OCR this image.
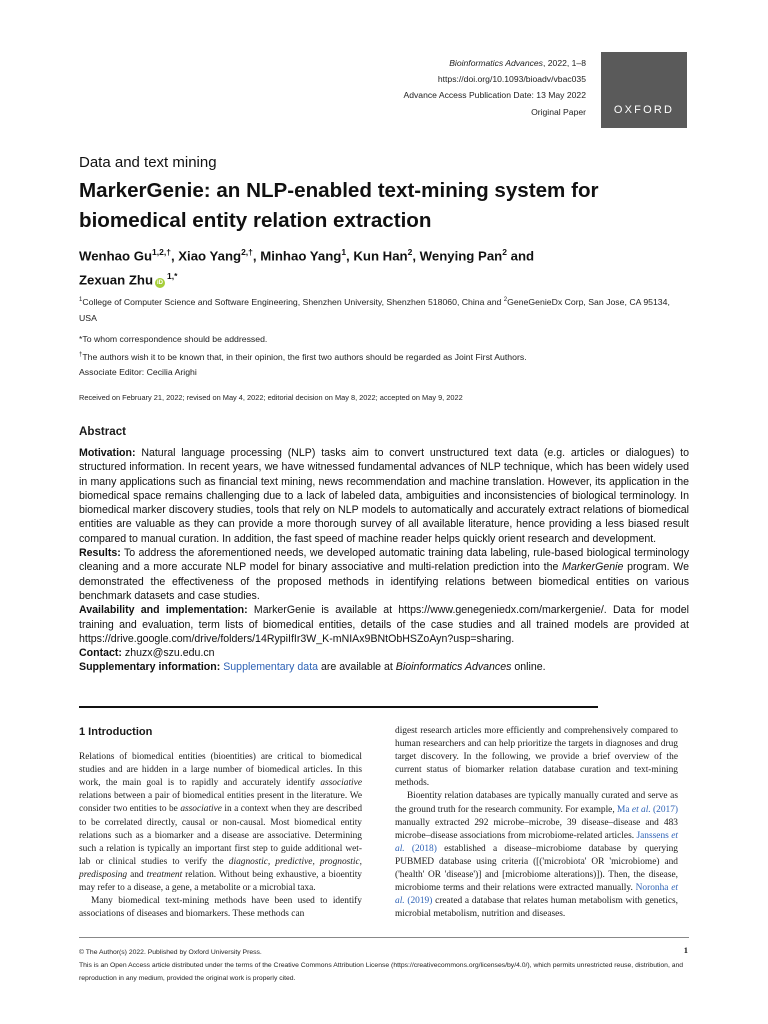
Bioinformatics Advances, 2022, 1–8
https://doi.org/10.1093/bioadv/vbac035
Advance Access Publication Date: 13 May 2022
Original Paper	OXFORD
Data and text mining
MarkerGenie: an NLP-enabled text-mining system for biomedical entity relation extraction
Wenhao $Gu^{1,2,\dagger}$, Xiao Yang$^{2,\dagger}$, Minhao Yang$^1$, Kun Han$^2$, Wenying Pan$^2$ and
Zexuan Zhu $iD^{1,*}$
$^1$College of Computer Science and Software Engineering, Shenzhen University, Shenzhen 518060, China and $^2$GeneGenieDx Corp, San Jose, CA 95134, USA
*To whom correspondence should be addressed.
†The authors wish it to be known that, in their opinion, the first two authors should be regarded as Joint First Authors.
Associate Editor: Cecilia Arighi
Received on February 21, 2022; revised on May 4, 2022; editorial decision on May 8, 2022; accepted on May 9, 2022
Abstract

Motivation: Natural language processing (NLP) tasks aim to convert unstructured text data (e.g. articles or dialogues) to structured information. In recent years, we have witnessed fundamental advances of NLP technique, which has been widely used in many applications such as financial text mining, news recommendation and machine translation. However, its application in the biomedical space remains challenging due to a lack of labeled data, ambiguities and inconsistencies of biological terminology. In biomedical marker discovery studies, tools that rely on NLP models to automatically and accurately extract relations of biomedical entities are valuable as they can provide a more thorough survey of all available literature, hence providing a less biased result compared to manual curation. In addition, the fast speed of machine reader helps quickly orient research and development.

Results: To address the aforementioned needs, we developed automatic training data labeling, rule-based biological terminology cleaning and a more accurate NLP model for binary associative and multi-relation prediction into the MarkerGenie program. We demonstrated the effectiveness of the proposed methods in identifying relations between biomedical entities on various benchmark datasets and case studies.

Availability and implementation: MarkerGenie is available at https://www.genegeniedx.com/markergenie/. Data for model training and evaluation, term lists of biomedical entities, details of the case studies and all trained models are provided at https://drive.google.com/drive/folders/14RypiIfIr3W_K-mNIAx9BNtObHSZoAyn?usp=sharing.

Contact: zhuzx@szu.edu.cn

Supplementary information: Supplementary data are available at Bioinformatics Advances online.

1 Introduction

Relations of biomedical entities (bioentities) are critical to biomedical studies and are hidden in a large number of biomedical articles. In this work, the main goal is to rapidly and accurately identify associative relations between a pair of biomedical entities present in the literature. We consider two entities to be associative in a context when they are described to be correlated directly, causal or non-causal. Most biomedical entity relations such as a biomarker and a disease are associative. Determining such a relation is typically an important first step to guide additional wet-lab or clinical studies to verify the diagnostic, predictive, prognostic, predisposing and treatment relation. Without being exhaustive, a bioentity may refer to a disease, a gene, a metabolite or a microbial taxa.

Many biomedical text-mining methods have been used to identify associations of diseases and biomarkers. These methods can

digest research articles more efficiently and comprehensively compared to human researchers and can help prioritize the targets in diagnoses and drug target discovery. In the following, we provide a brief overview of the current status of biomarker relation database curation and text-mining methods.

Bioentity relation databases are typically manually curated and serve as the ground truth for the research community. For example, Ma et al. (2017) manually extracted 292 microbe–microbe, 39 disease–disease and 483 microbe–disease associations from microbiome-related articles. Janssens et al. (2018) established a disease–microbiome database by querying PUBMED database using criteria ([('microbiota' OR 'microbiome) and ('health' OR 'disease')] and [microbiome alterations)]). Then, the disease, microbiome terms and their relations were extracted manually. Noronha et al. (2019) created a database that relates human metabolism with genetics, microbial metabolism, nutrition and diseases.

© The Author(s) 2022. Published by Oxford University Press.
This is an Open Access article distributed under the terms of the Creative Commons Attribution License (https://creativecommons.org/licenses/by/4.0/), which permits unrestricted reuse, distribution, and reproduction in any medium, provided the original work is properly cited.
1
